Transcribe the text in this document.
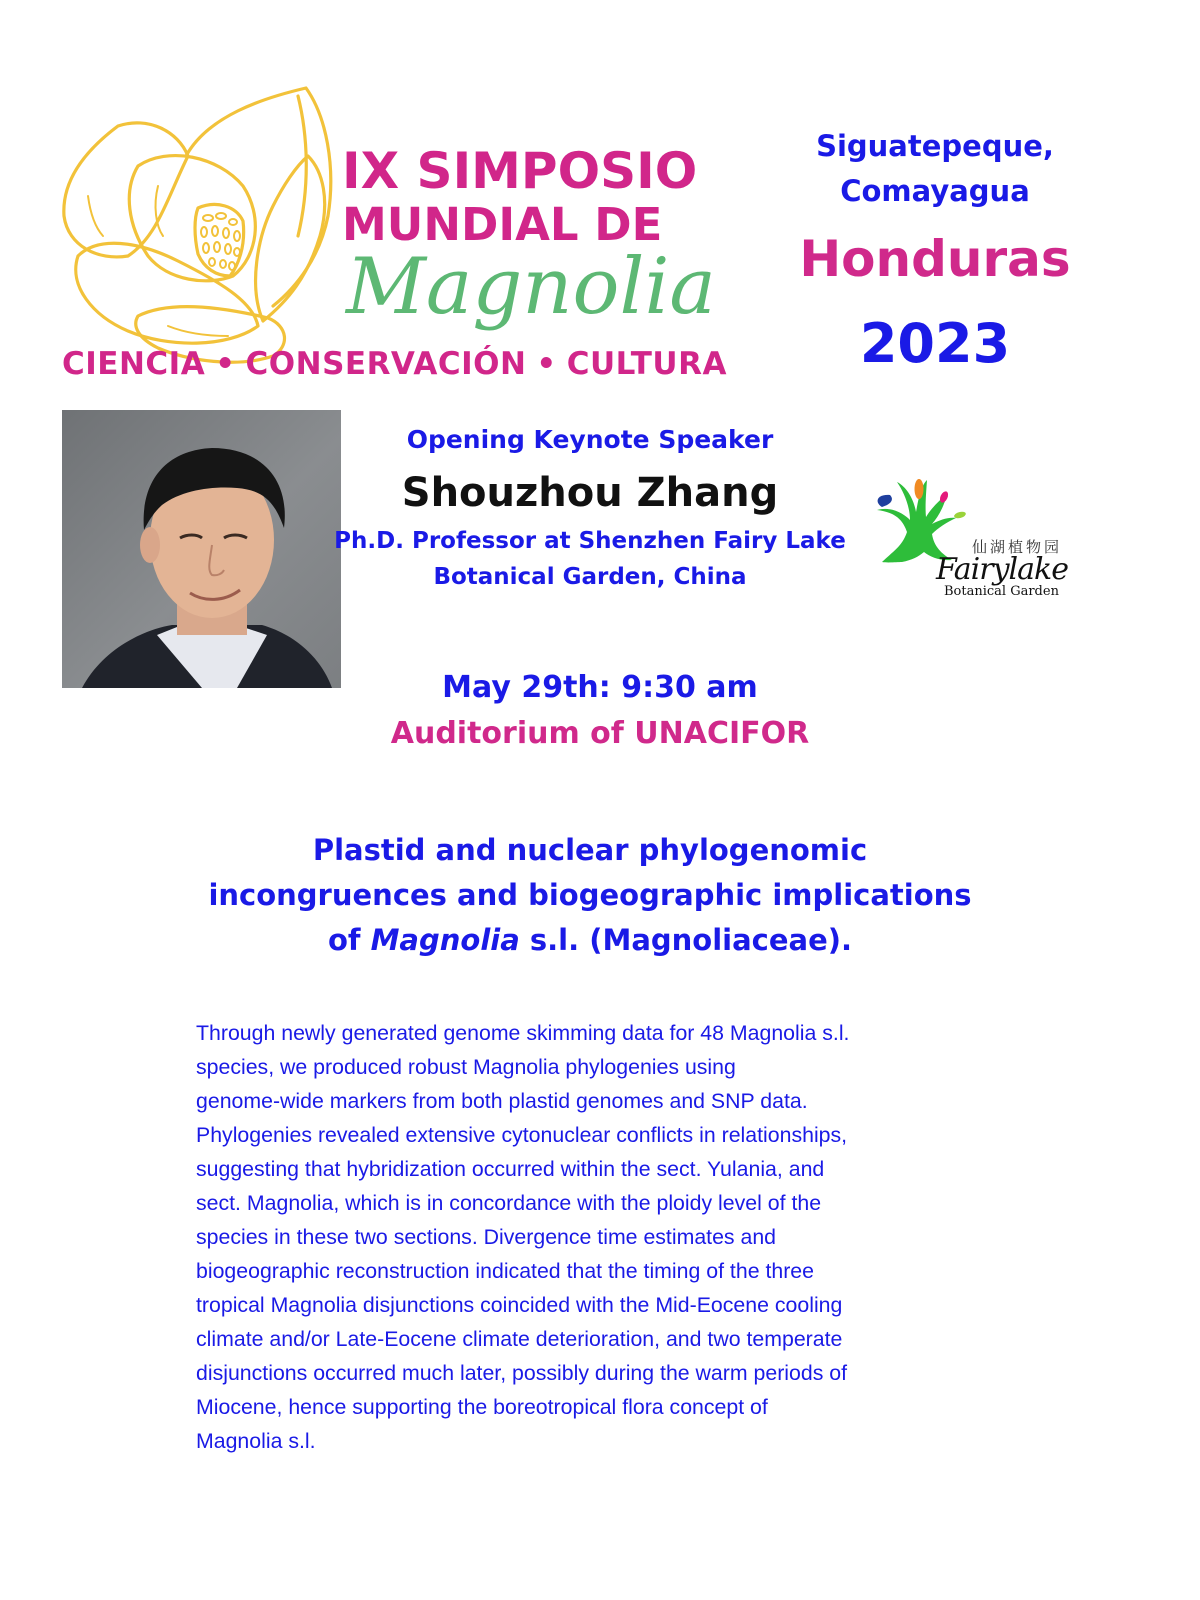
IX SIMPOSIO
MUNDIAL DE
Magnolia
CIENCIA • CONSERVACIÓN • CULTURA
Siguatepeque,
Comayagua
Honduras
2023
Opening Keynote Speaker
Shouzhou Zhang
Ph.D. Professor at Shenzhen Fairy Lake
Botanical Garden, China
仙湖植物园
Fairylake
Botanical Garden
May 29th: 9:30 am
Auditorium of UNACIFOR
Plastid and nuclear phylogenomic
incongruences and biogeographic implications
of Magnolia s.l. (Magnoliaceae).
Through newly generated genome skimming data for 48 Magnolia s.l.
species, we produced robust Magnolia phylogenies using
genome-wide markers from both plastid genomes and SNP data.
Phylogenies revealed extensive cytonuclear conflicts in relationships,
suggesting that hybridization occurred within the sect. Yulania, and
sect. Magnolia, which is in concordance with the ploidy level of the
species in these two sections. Divergence time estimates and
biogeographic reconstruction indicated that the timing of the three
tropical Magnolia disjunctions coincided with the Mid-Eocene cooling
climate and/or Late-Eocene climate deterioration, and two temperate
disjunctions occurred much later, possibly during the warm periods of
Miocene, hence supporting the boreotropical flora concept of
Magnolia s.l.
